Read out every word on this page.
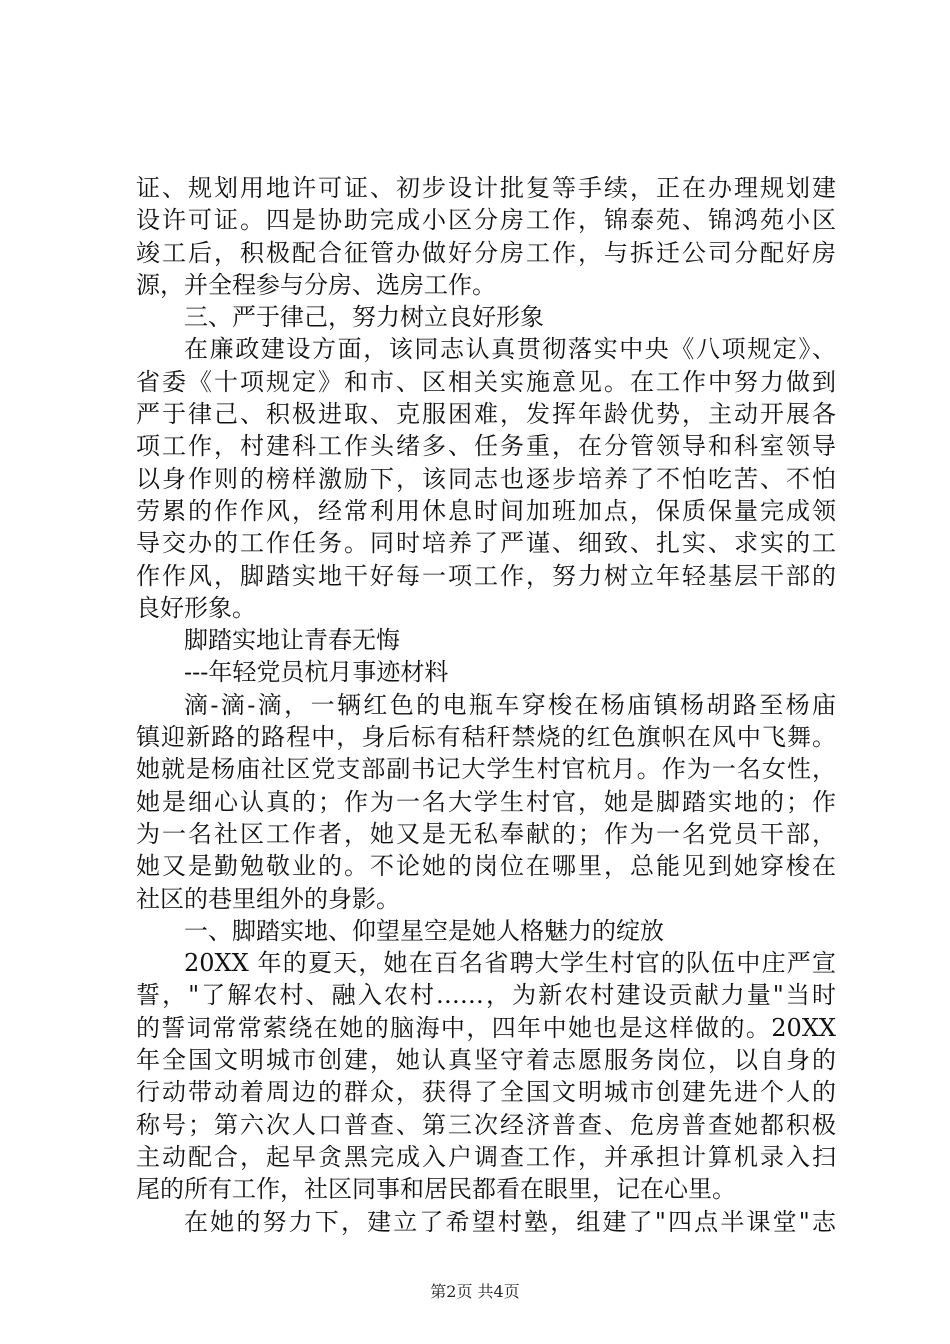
证、规划用地许可证、初步设计批复等手续，正在办理规划建
设许可证。四是协助完成小区分房工作，锦泰苑、锦鸿苑小区
竣工后，积极配合征管办做好分房工作，与拆迁公司分配好房
源，并全程参与分房、选房工作。
三、严于律己，努力树立良好形象
在廉政建设方面，该同志认真贯彻落实中央《八项规定》、
省委《十项规定》和市、区相关实施意见。在工作中努力做到
严于律己、积极进取、克服困难，发挥年龄优势，主动开展各
项工作，村建科工作头绪多、任务重，在分管领导和科室领导
以身作则的榜样激励下，该同志也逐步培养了不怕吃苦、不怕
劳累的作作风，经常利用休息时间加班加点，保质保量完成领
导交办的工作任务。同时培养了严谨、细致、扎实、求实的工
作作风，脚踏实地干好每一项工作，努力树立年轻基层干部的
良好形象。
脚踏实地让青春无悔
---年轻党员杭月事迹材料
滴-滴-滴，一辆红色的电瓶车穿梭在杨庙镇杨胡路至杨庙
镇迎新路的路程中，身后标有秸秆禁烧的红色旗帜在风中飞舞。
她就是杨庙社区党支部副书记大学生村官杭月。作为一名女性，
她是细心认真的；作为一名大学生村官，她是脚踏实地的；作
为一名社区工作者，她又是无私奉献的；作为一名党员干部，
她又是勤勉敬业的。不论她的岗位在哪里，总能见到她穿梭在
社区的巷里组外的身影。
一、脚踏实地、仰望星空是她人格魅力的绽放
20XX 年的夏天，她在百名省聘大学生村官的队伍中庄严宣
誓，"了解农村、融入农村……，为新农村建设贡献力量"当时
的誓词常常萦绕在她的脑海中，四年中她也是这样做的。20XX
年全国文明城市创建，她认真坚守着志愿服务岗位，以自身的
行动带动着周边的群众，获得了全国文明城市创建先进个人的
称号；第六次人口普查、第三次经济普查、危房普查她都积极
主动配合，起早贪黑完成入户调查工作，并承担计算机录入扫
尾的所有工作，社区同事和居民都看在眼里，记在心里。
在她的努力下，建立了希望村塾，组建了"四点半课堂"志
第2页 共4页
